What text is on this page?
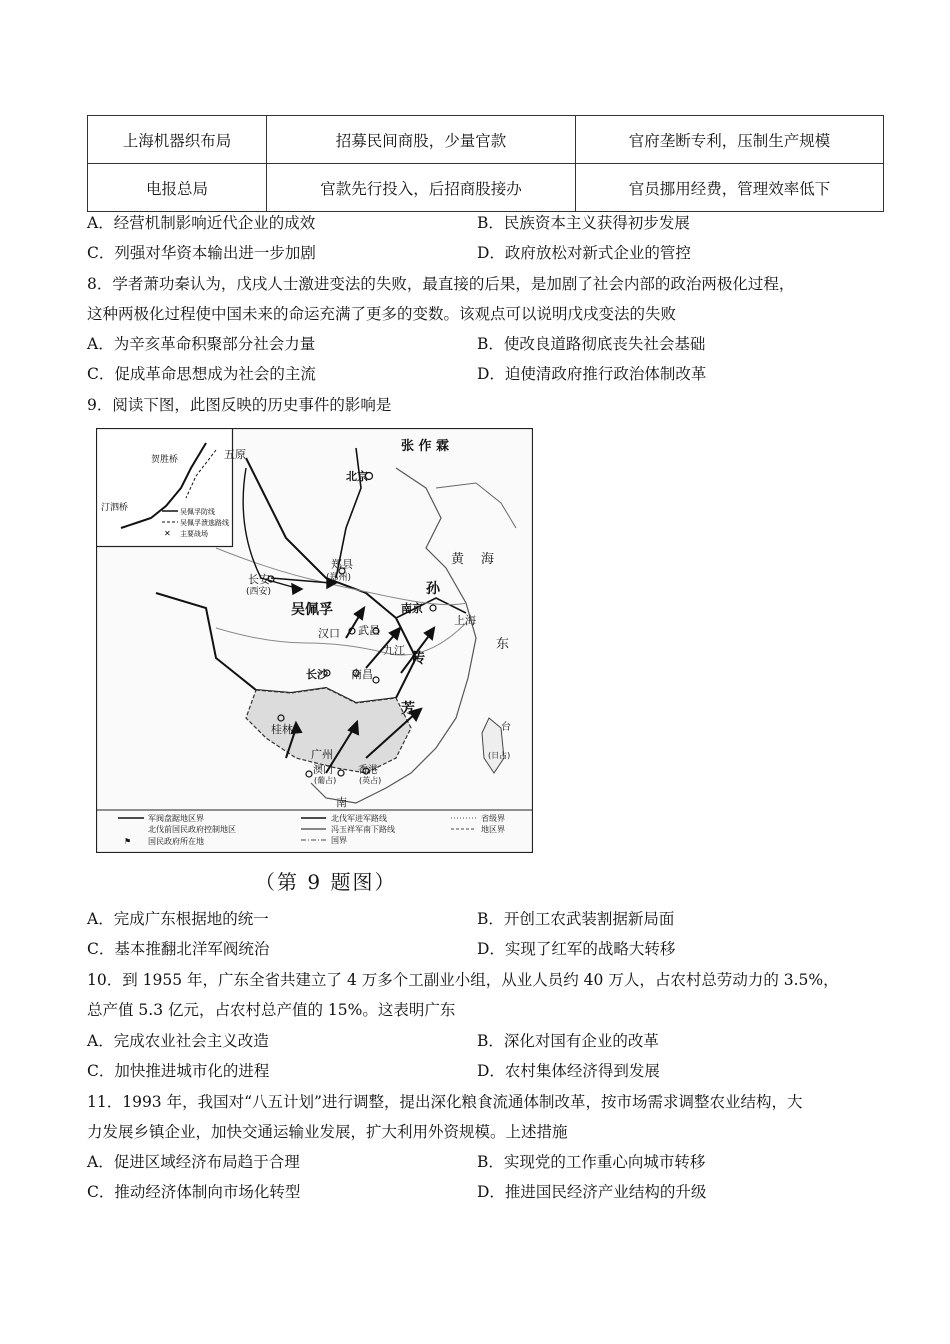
上海机器织布局	招募民间商股，少量官款	官府垄断专利，压制生产规模
电报总局	官款先行投入，后招商股接办	官员挪用经费，管理效率低下
A．经营机制影响近代企业的成效	B．民族资本主义获得初步发展
C．列强对华资本输出进一步加剧	D．政府放松对新式企业的管控
8．学者萧功秦认为，戊戌人士激进变法的失败，最直接的后果，是加剧了社会内部的政治两极化过程，
这种两极化过程使中国未来的命运充满了更多的变数。该观点可以说明戊戌变法的失败
A．为辛亥革命积聚部分社会力量	B．使改良道路彻底丧失社会基础
C．促成革命思想成为社会的主流	D．迫使清政府推行政治体制改革
9．阅读下图，此图反映的历史事件的影响是
贺胜桥
汀泗桥	吴佩孚防线
吴佩孚溃逃路线
✕ 主要战场
北京
张 作 霖
五原
郑县
(郑州)
长安
(西安)
吴佩孚	南京
上海
汉口 武昌
九江
长沙 南昌
桂林
广州
澳门
(葡占)
香港
(英占)
台
(日占)
孙
传
芳
黄 海
东
南
军阀盘踞地区界
北伐前国民政府控制地区
⚑ 国民政府所在地
北伐军进军路线
冯玉祥军南下路线
国界
省级界
地区界
（第 9 题图）
A．完成广东根据地的统一	B．开创工农武装割据新局面
C．基本推翻北洋军阀统治	D．实现了红军的战略大转移
10．到 1955 年，广东全省共建立了 4 万多个工副业小组，从业人员约 40 万人，占农村总劳动力的 3.5%，
总产值 5.3 亿元，占农村总产值的 15%。这表明广东
A．完成农业社会主义改造	B．深化对国有企业的改革
C．加快推进城市化的进程	D．农村集体经济得到发展
11．1993 年，我国对“八五计划”进行调整，提出深化粮食流通体制改革，按市场需求调整农业结构，大
力发展乡镇企业，加快交通运输业发展，扩大利用外资规模。上述措施
A．促进区域经济布局趋于合理	B．实现党的工作重心向城市转移
C．推动经济体制向市场化转型	D．推进国民经济产业结构的升级
